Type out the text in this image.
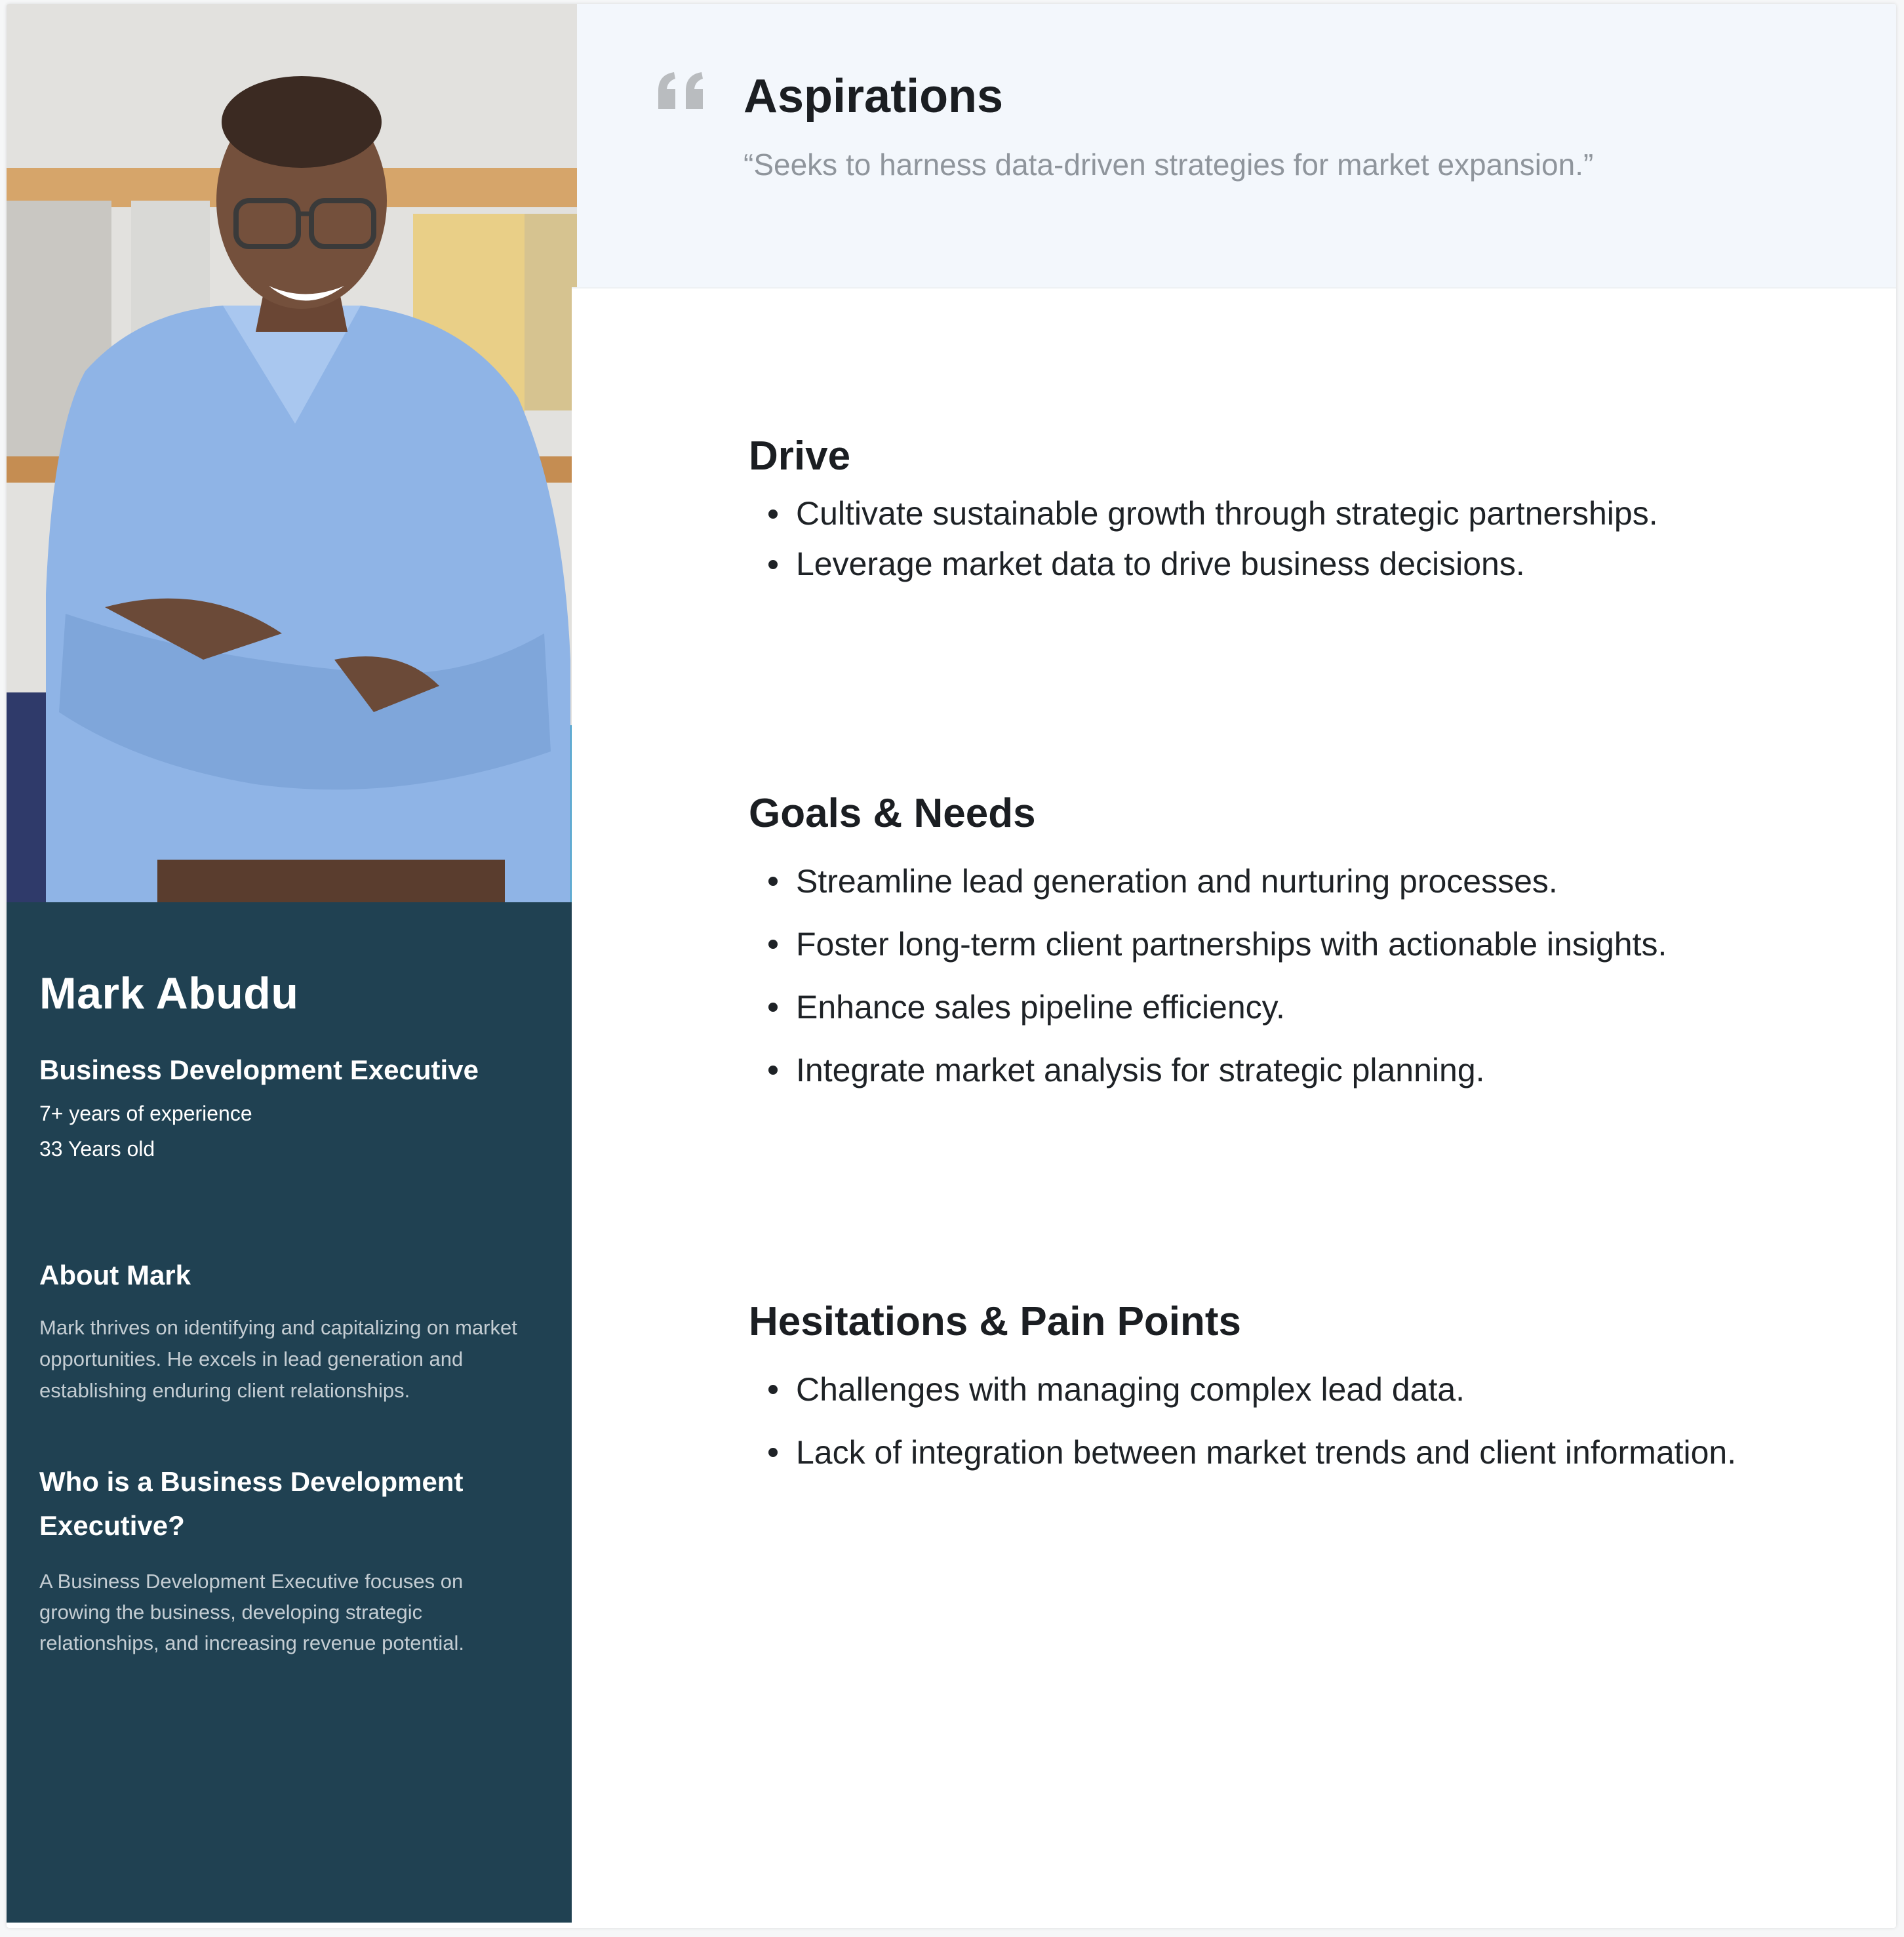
Mark Abudu
Business Development Executive
7+ years of experience
33 Years old
About Mark
Mark thrives on identifying and capitalizing on market opportunities. He excels in lead generation and establishing enduring client relationships.
Who is a Business Development Executive?
A Business Development Executive focuses on growing the business, developing strategic relationships, and increasing revenue potential.
Aspirations
“Seeks to harness data-driven strategies for market expansion.”
Drive
Cultivate sustainable growth through strategic partnerships.
Leverage market data to drive business decisions.
Goals & Needs
Streamline lead generation and nurturing processes.
Foster long-term client partnerships with actionable insights.
Enhance sales pipeline efficiency.
Integrate market analysis for strategic planning.
Hesitations & Pain Points
Challenges with managing complex lead data.
Lack of integration between market trends and client information.
